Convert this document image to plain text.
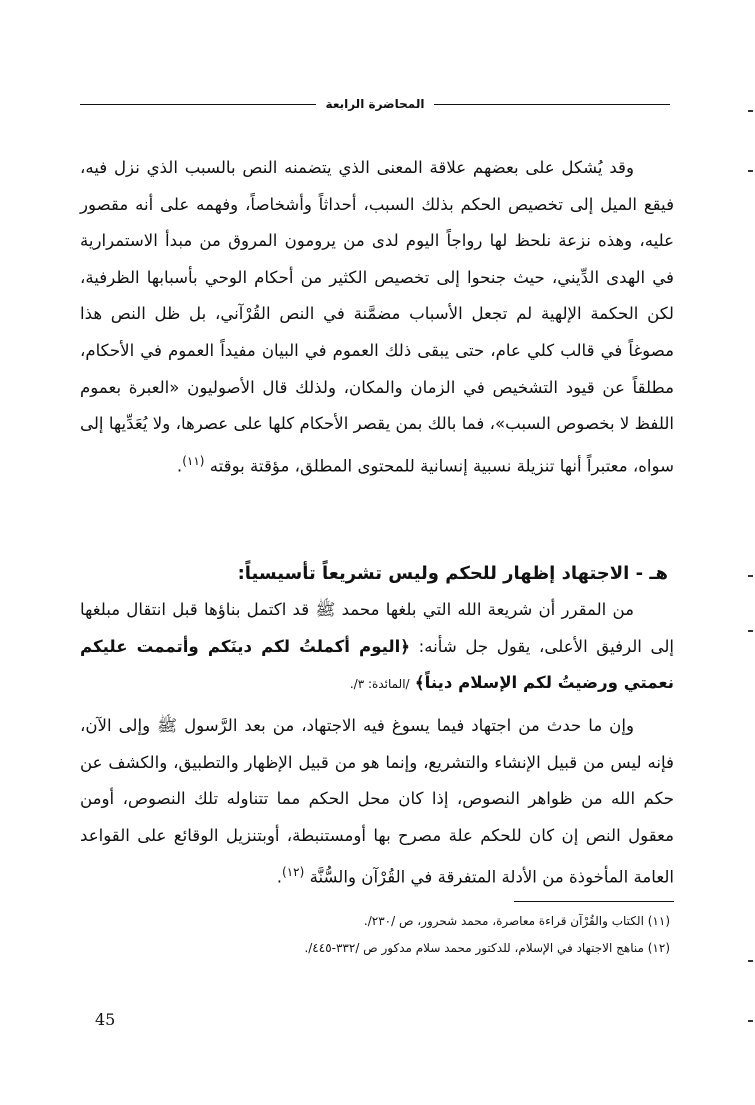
المحاضرة الرابعة

وقد يُشكل على بعضهم علاقة المعنى الذي يتضمنه النص بالسبب الذي نزل فيه، فيقع الميل إلى تخصيص الحكم بذلك السبب، أحداثاً وأشخاصاً، وفهمه على أنه مقصور عليه، وهذه نزعة نلحظ لها رواجاً اليوم لدى من يرومون المروق من مبدأ الاستمرارية في الهدى الدِّيني، حيث جنحوا إلى تخصيص الكثير من أحكام الوحي بأسبابها الظرفية، لكن الحكمة الإلهية لم تجعل الأسباب مضمَّنة في النص القُرْآني، بل ظل النص هذا مصوغاً في قالب كلي عام، حتى يبقى ذلك العموم في البيان مفيداً العموم في الأحكام، مطلقاً عن قيود التشخيص في الزمان والمكان، ولذلك قال الأصوليون «العبرة بعموم اللفظ لا بخصوص السبب»، فما بالك بمن يقصر الأحكام كلها على عصرها، ولا يُعَدِّيها إلى سواه، معتبراً أنها تنزيلة نسبية إنسانية للمحتوى المطلق، مؤقتة بوقته $^{(١١)}$.

هـ - الاجتهاد إظهار للحكم وليس تشريعاً تأسيسياً:

من المقرر أن شريعة الله التي بلغها محمد ﷺ قد اكتمل بناؤها قبل انتقال مبلغها إلى الرفيق الأعلى، يقول جل شأنه: ﴿اليوم أكملتُ لكم دينَكم وأتممت عليكم نعمتي ورضيتُ لكم الإسلام ديناً﴾ /المائدة: ٣/.

وإن ما حدث من اجتهاد فيما يسوغ فيه الاجتهاد، من بعد الرَّسول ﷺ وإلى الآن، فإنه ليس من قبيل الإنشاء والتشريع، وإنما هو من قبيل الإظهار والتطبيق، والكشف عن حكم الله من ظواهر النصوص، إذا كان محل الحكم مما تتناوله تلك النصوص، أومن معقول النص إن كان للحكم علة مصرح بها أومستنبطة، أوبتنزيل الوقائع على القواعد العامة المأخوذة من الأدلة المتفرقة في القُرْآن والسُّنَّة $^{(١٢)}$.

(١١) الكتاب والقُرْآن قراءة معاصرة، محمد شحرور، ص /٢٣٠/.
(١٢) مناهج الاجتهاد في الإسلام، للدكتور محمد سلام مدكور ص /٣٣٢-٤٤٥/.
45
